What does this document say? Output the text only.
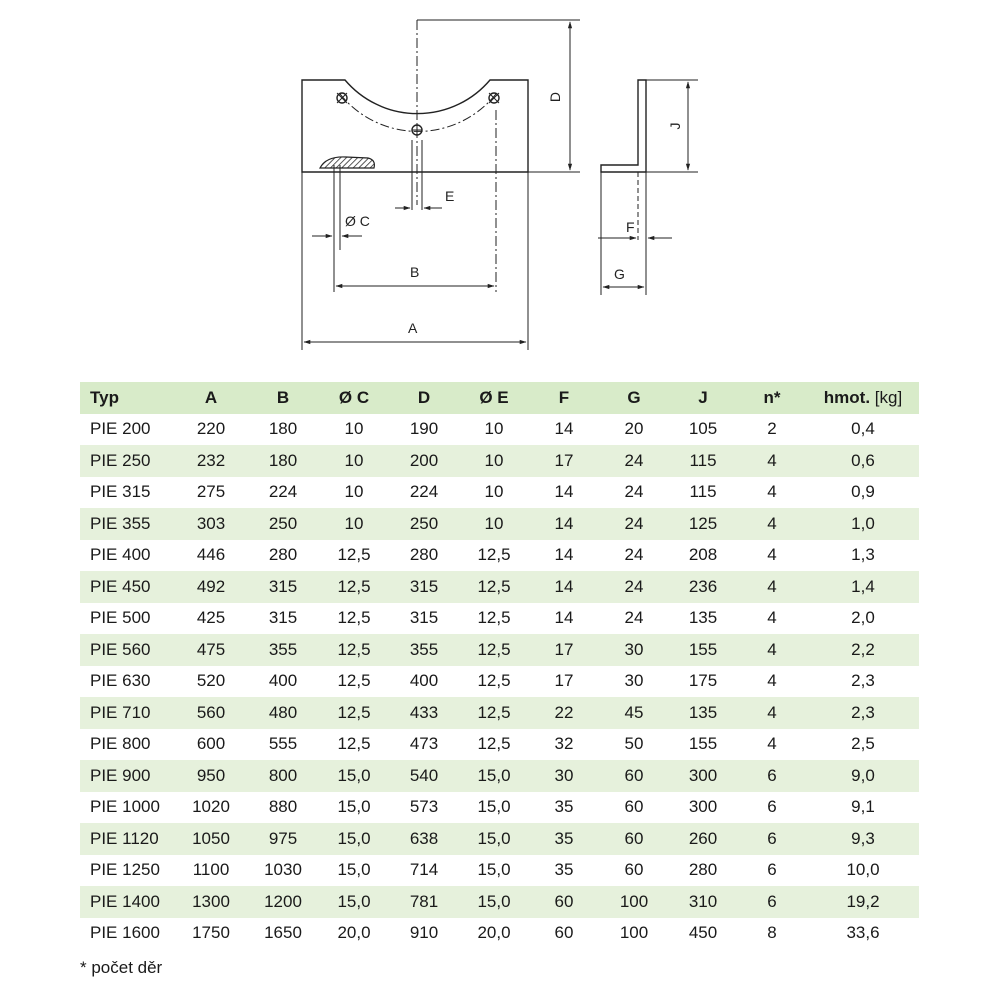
D
J
E
Ø C	F
B	G
A
Typ	A	B	Ø C	D	Ø E	F	G	J	n*	hmot. [kg]
PIE 200	220	180	10	190	10	14	20	105	2	0,4
PIE 250	232	180	10	200	10	17	24	115	4	0,6
PIE 315	275	224	10	224	10	14	24	115	4	0,9
PIE 355	303	250	10	250	10	14	24	125	4	1,0
PIE 400	446	280	12,5	280	12,5	14	24	208	4	1,3
PIE 450	492	315	12,5	315	12,5	14	24	236	4	1,4
PIE 500	425	315	12,5	315	12,5	14	24	135	4	2,0
PIE 560	475	355	12,5	355	12,5	17	30	155	4	2,2
PIE 630	520	400	12,5	400	12,5	17	30	175	4	2,3
PIE 710	560	480	12,5	433	12,5	22	45	135	4	2,3
PIE 800	600	555	12,5	473	12,5	32	50	155	4	2,5
PIE 900	950	800	15,0	540	15,0	30	60	300	6	9,0
PIE 1000	1020	880	15,0	573	15,0	35	60	300	6	9,1
PIE 1120	1050	975	15,0	638	15,0	35	60	260	6	9,3
PIE 1250	1100	1030	15,0	714	15,0	35	60	280	6	10,0
PIE 1400	1300	1200	15,0	781	15,0	60	100	310	6	19,2
PIE 1600	1750	1650	20,0	910	20,0	60	100	450	8	33,6
* počet děr
